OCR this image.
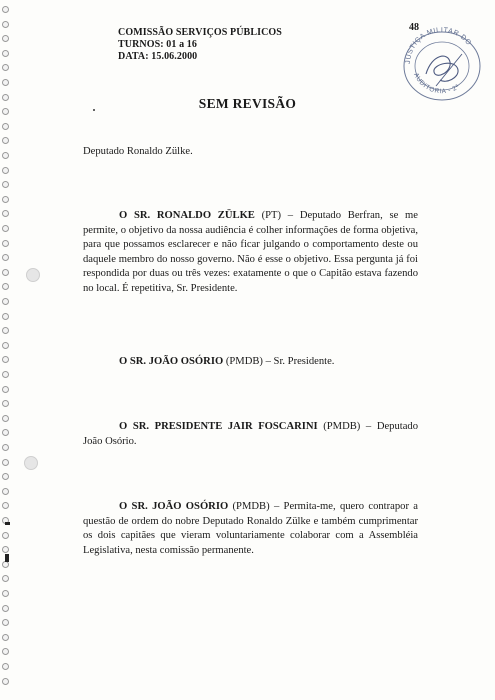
COMISSÃO SERVIÇOS PÚBLICOS
TURNOS: 01 a 16
DATA: 15.06.2000
48
JUSTIÇA MILITAR DO
AUDITORIA - 2ª
SEM REVISÃO
Deputado Ronaldo Zülke.
O SR. RONALDO ZÜLKE (PT) – Deputado Berfran, se me permite, o objetivo da nossa audiência é colher informações de forma objetiva, para que possamos esclarecer e não ficar julgando o comportamento deste ou daquele membro do nosso governo. Não é esse o objetivo. Essa pergunta já foi respondida por duas ou três vezes: exatamente o que o Capitão estava fazendo no local. É repetitiva, Sr. Presidente.
O SR. JOÃO OSÓRIO (PMDB) – Sr. Presidente.
O SR. PRESIDENTE JAIR FOSCARINI (PMDB) – Deputado João Osório.
O SR. JOÃO OSÓRIO (PMDB) – Permita-me, quero contrapor a questão de ordem do nobre Deputado Ronaldo Zülke e também cumprimentar os dois capitães que vieram voluntariamente colaborar com a Assembléia Legislativa, nesta comissão permanente.
